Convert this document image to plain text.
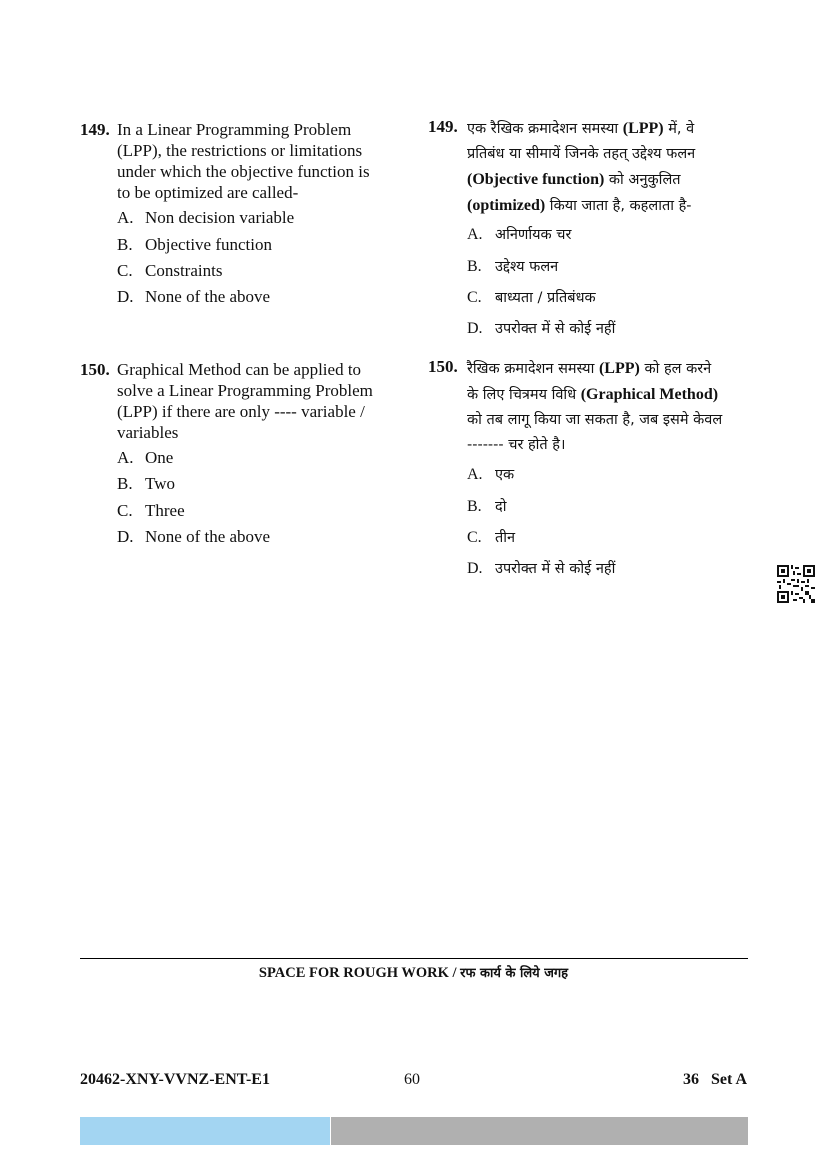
149. In a Linear Programming Problem
(LPP), the restrictions or limitations
under which the objective function is
to be optimized are called-
A. Non decision variable
B. Objective function
C. Constraints
D. None of the above
150. Graphical Method can be applied to
solve a Linear Programming Problem
(LPP) if there are only ---- variable /
variables
A. One
B. Two
C. Three
D. None of the above
149. एक रैखिक क्रमादेशन समस्या (LPP) में, वे
प्रतिबंध या सीमायें जिनके तहत् उद्देश्य फलन
(Objective function) को अनुकुलित
(optimized) किया जाता है, कहलाता है-
A. अनिर्णायक चर
B. उद्देश्य फलन
C. बाध्यता / प्रतिबंधक
D. उपरोक्त में से कोई नहीं
150. रैखिक क्रमादेशन समस्या (LPP) को हल करने
के लिए चित्रमय विधि (Graphical Method)
को तब लागू किया जा सकता है, जब इसमे केवल
------- चर होते है।
A. एक
B. दो
C. तीन
D. उपरोक्त में से कोई नहीं
SPACE FOR ROUGH WORK / रफ कार्य के लिये जगह
20462-XNY-VVNZ-ENT-E1	60	36   Set A
